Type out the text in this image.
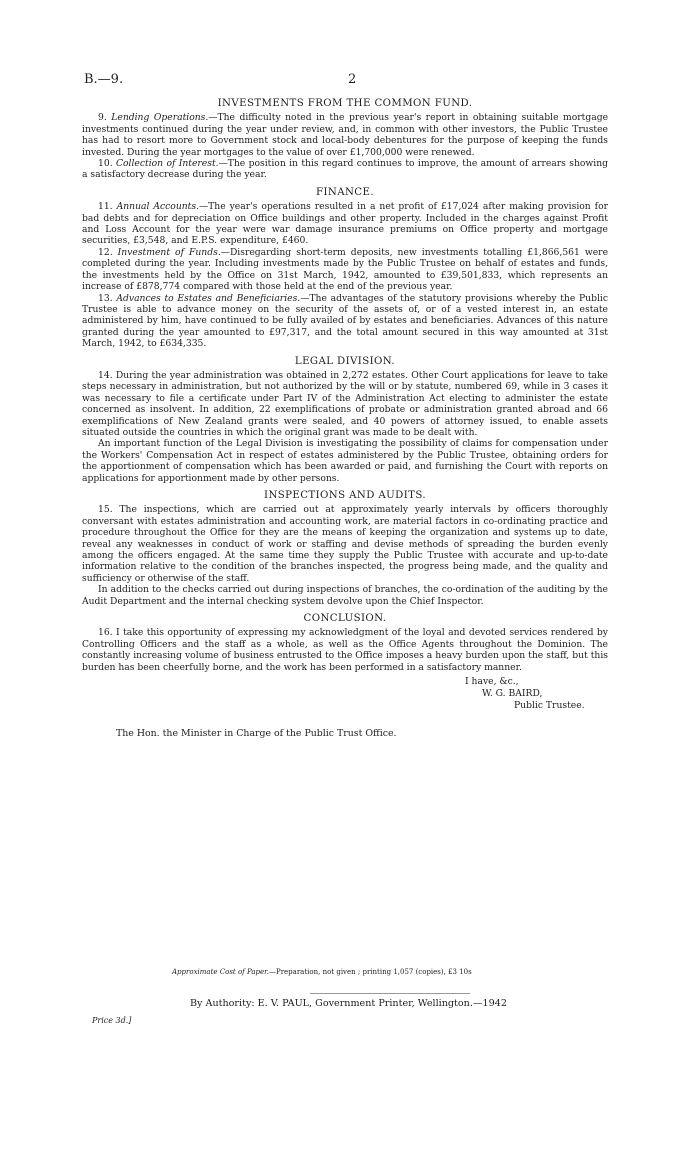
B.—9.	2
INVESTMENTS FROM THE COMMON FUND.

9. Lending Operations.—The difficulty noted in the previous year's report in obtaining suitable mortgage investments continued during the year under review, and, in common with other investors, the Public Trustee has had to resort more to Government stock and local-body debentures for the purpose of keeping the funds invested. During the year mortgages to the value of over £1,700,000 were renewed.

10. Collection of Interest.—The position in this regard continues to improve, the amount of arrears showing a satisfactory decrease during the year.

FINANCE.

11. Annual Accounts.—The year's operations resulted in a net profit of £17,024 after making provision for bad debts and for depreciation on Office buildings and other property. Included in the charges against Profit and Loss Account for the year were war damage insurance premiums on Office property and mortgage securities, £3,548, and E.P.S. expenditure, £460.

12. Investment of Funds.—Disregarding short-term deposits, new investments totalling £1,866,561 were completed during the year. Including investments made by the Public Trustee on behalf of estates and funds, the investments held by the Office on 31st March, 1942, amounted to £39,501,833, which represents an increase of £878,774 compared with those held at the end of the previous year.

13. Advances to Estates and Beneficiaries.—The advantages of the statutory provisions whereby the Public Trustee is able to advance money on the security of the assets of, or of a vested interest in, an estate administered by him, have continued to be fully availed of by estates and beneficiaries. Advances of this nature granted during the year amounted to £97,317, and the total amount secured in this way amounted at 31st March, 1942, to £634,335.

LEGAL DIVISION.

14. During the year administration was obtained in 2,272 estates. Other Court applications for leave to take steps necessary in administration, but not authorized by the will or by statute, numbered 69, while in 3 cases it was necessary to file a certificate under Part IV of the Administration Act electing to administer the estate concerned as insolvent. In addition, 22 exemplifications of probate or administration granted abroad and 66 exemplifications of New Zealand grants were sealed, and 40 powers of attorney issued, to enable assets situated outside the countries in which the original grant was made to be dealt with.

An important function of the Legal Division is investigating the possibility of claims for compensation under the Workers' Compensation Act in respect of estates administered by the Public Trustee, obtaining orders for the apportionment of compensation which has been awarded or paid, and furnishing the Court with reports on applications for apportionment made by other persons.

INSPECTIONS AND AUDITS.

15. The inspections, which are carried out at approximately yearly intervals by officers thoroughly conversant with estates administration and accounting work, are material factors in co-ordinating practice and procedure throughout the Office for they are the means of keeping the organization and systems up to date, reveal any weaknesses in conduct of work or staffing and devise methods of spreading the burden evenly among the officers engaged. At the same time they supply the Public Trustee with accurate and up-to-date information relative to the condition of the branches inspected, the progress being made, and the quality and sufficiency or otherwise of the staff.

In addition to the checks carried out during inspections of branches, the co-ordination of the auditing by the Audit Department and the internal checking system devolve upon the Chief Inspector.

CONCLUSION.

16. I take this opportunity of expressing my acknowledgment of the loyal and devoted services rendered by Controlling Officers and the staff as a whole, as well as the Office Agents throughout the Dominion. The constantly increasing volume of business entrusted to the Office imposes a heavy burden upon the staff, but this burden has been cheerfully borne, and the work has been performed in a satisfactory manner.

I have, &c.,
W. G. BAIRD,
Public Trustee.
The Hon. the Minister in Charge of the Public Trust Office.
Approximate Cost of Paper.—Preparation, not given ; printing 1,057 (copies), £3 10s
By Authority: E. V. PAUL, Government Printer, Wellington.—1942
Price 3d.]
